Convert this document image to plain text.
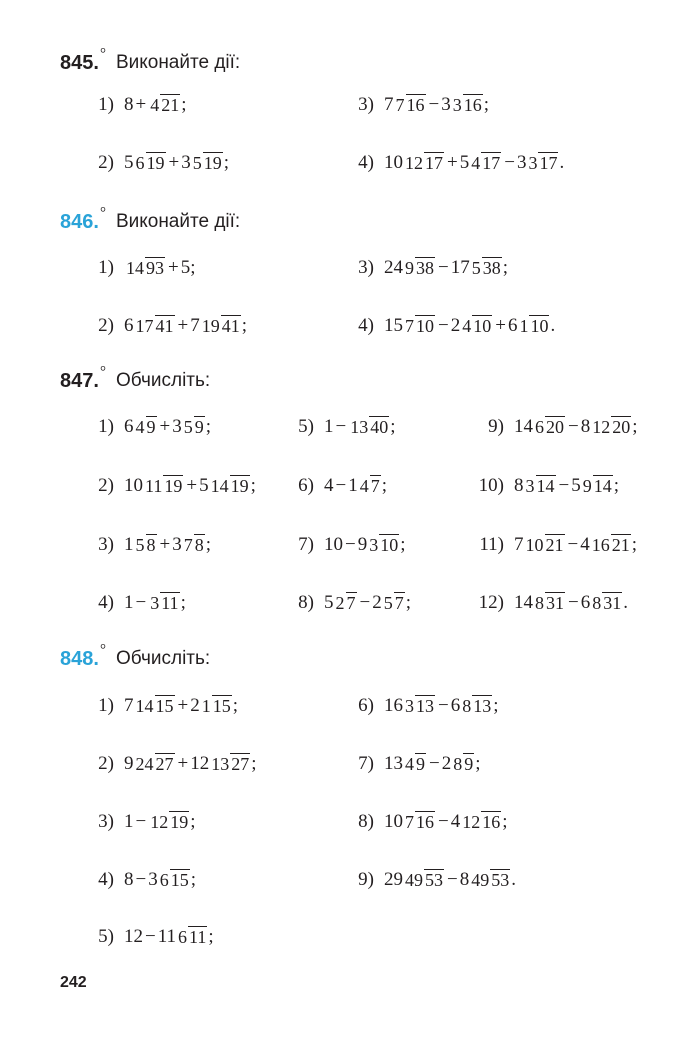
845. ° Виконайте дії:
1) 8 + 4 21 ;	3) 7 7 16 − 3 3 16 ;
2) 5 6 19 + 3 5 19 ;	4) 10 12 17 + 5 4 17 − 3 3 17 .
846. ° Виконайте дії:
1) 14 93 + 5 ;	3) 24 9 38 − 17 5 38 ;
2) 6 17 41 + 7 19 41 ;	4) 15 7 10 − 2 4 10 + 6 1 10 .
847. ° Обчисліть:
1) 6 4 9 + 3 5 9 ;	5) 1 − 13 40 ;	9) 14 6 20 − 8 12 20 ;
2) 10 11 19 + 5 14 19 ;	6) 4 − 1 4 7 ;	10) 8 3 14 − 5 9 14 ;
3) 1 5 8 + 3 7 8 ;	7) 10 − 9 3 10 ;	11) 7 10 21 − 4 16 21 ;
4) 1 − 3 11 ;	8) 5 2 7 − 2 5 7 ;	12) 14 8 31 − 6 8 31 .
848. ° Обчисліть:
1) 7 14 15 + 2 1 15 ;	6) 16 3 13 − 6 8 13 ;
2) 9 24 27 + 12 13 27 ;	7) 13 4 9 − 2 8 9 ;
3) 1 − 12 19 ;	8) 10 7 16 − 4 12 16 ;
4) 8 − 3 6 15 ;	9) 29 49 53 − 8 49 53 .
5) 12 − 11 6 11 ;
242
